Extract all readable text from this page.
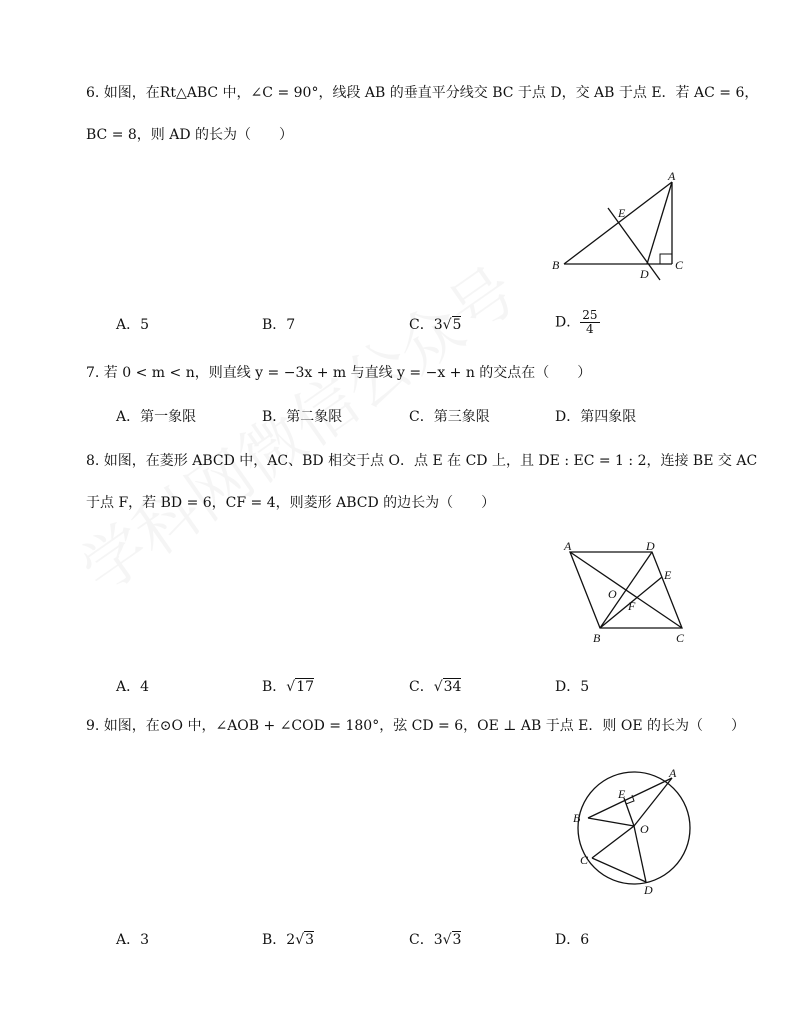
6. 如图，在Rt△ABC 中，∠C = 90°，线段 AB 的垂直平分线交 BC 于点 D，交 AB 于点 E．若 AC = 6，
BC = 8，则 AD 的长为（　　）
A
B	C
D
E
A．5	B．7	C．3√5	D． $\frac{25}{4}$
7. 若 0 < m < n，则直线 y = −3x + m 与直线 y = −x + n 的交点在（　　）
A．第一象限	B．第二象限	C．第三象限	D．第四象限
8. 如图，在菱形 ABCD 中，AC、BD 相交于点 O．点 E 在 CD 上，且 DE : EC = 1 : 2，连接 BE 交 AC
于点 F，若 BD = 6，CF = 4，则菱形 ABCD 的边长为（　　）
A	D
E
O
F
B	C
A．4	B．√17	C．√34	D．5
9. 如图，在⊙O 中，∠AOB + ∠COD = 180°，弦 CD = 6，OE ⊥ AB 于点 E．则 OE 的长为（　　）
A
B
E
O
C
D
A．3	B．2√3	C．3√3	D．6
